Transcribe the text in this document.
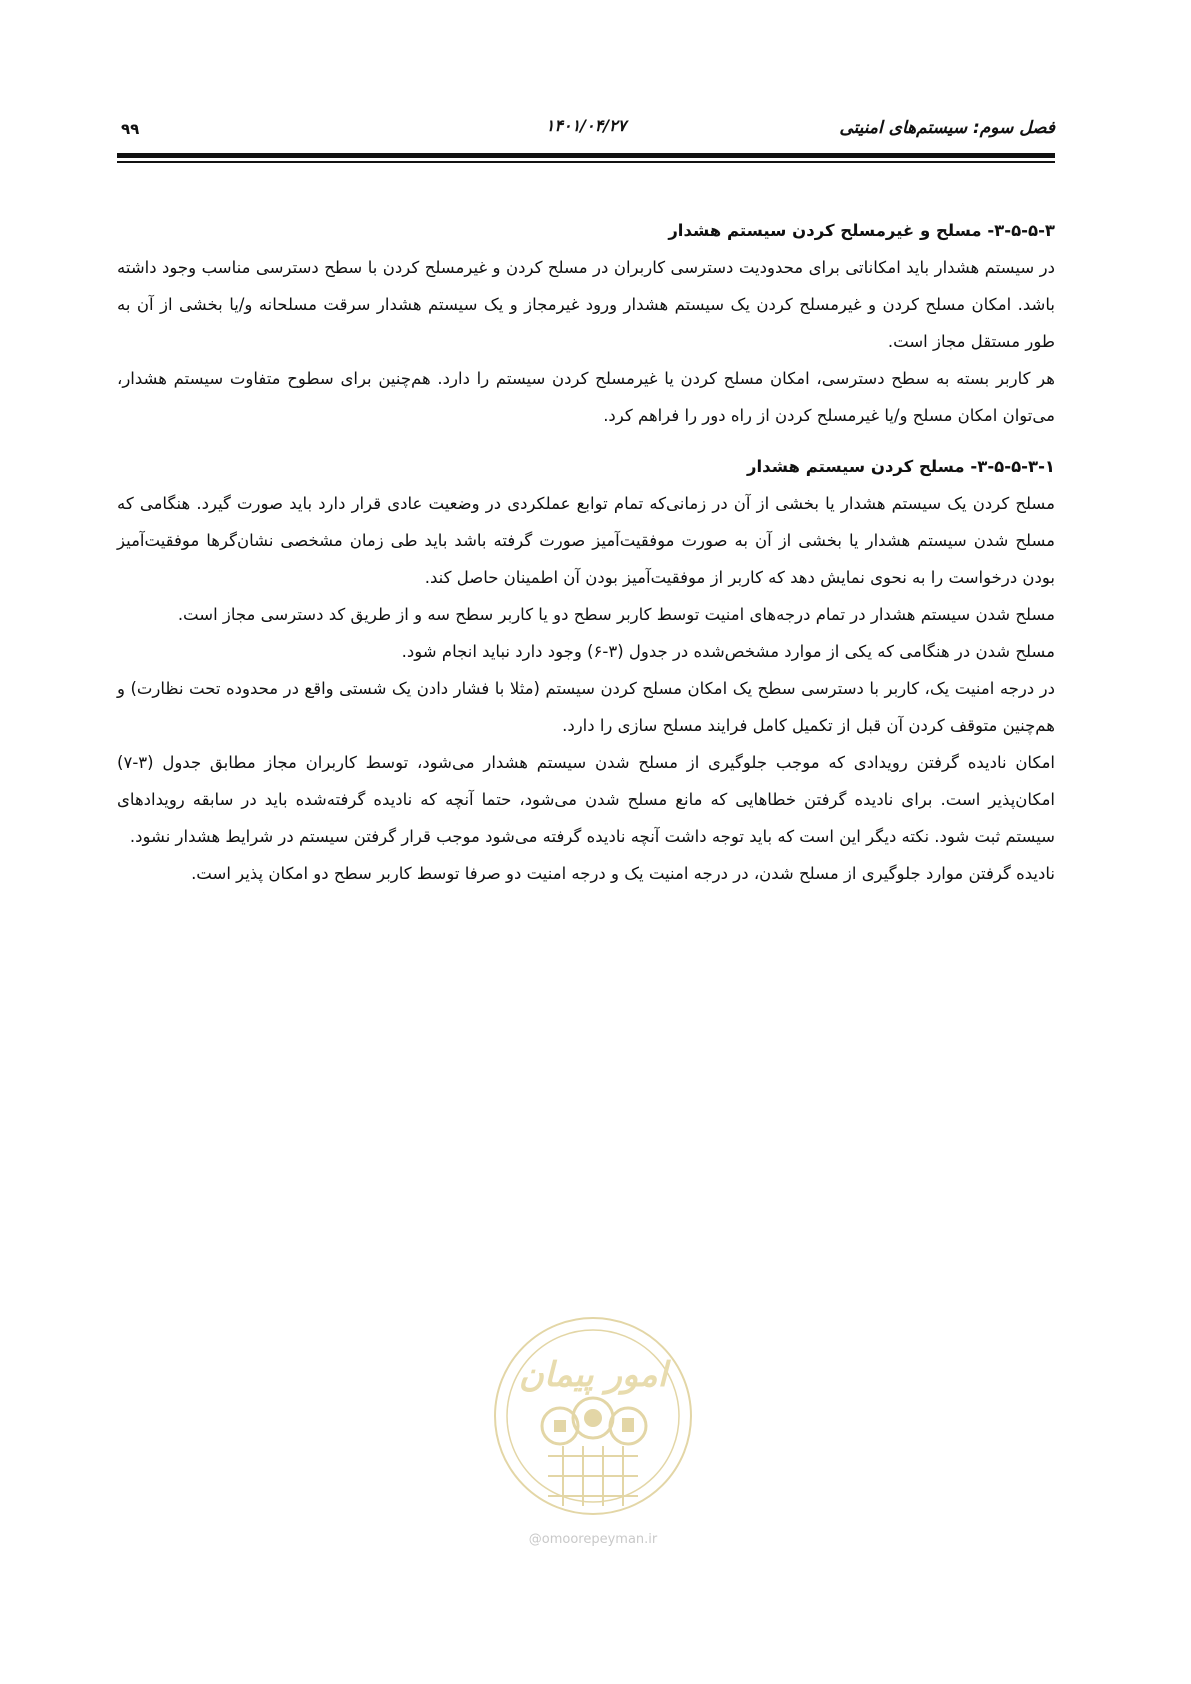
فصل سوم: سیستم‌های امنیتی
۱۴۰۱/۰۴/۲۷
۹۹

۳-۵-۵-۳- مسلح و غیرمسلح کردن سیستم هشدار

در سیستم هشدار باید امکاناتی برای محدودیت دسترسی کاربران در مسلح کردن و غیرمسلح کردن با سطح دسترسی مناسب وجود داشته باشد. امکان مسلح کردن و غیرمسلح کردن یک سیستم هشدار ورود غیرمجاز و یک سیستم هشدار سرقت مسلحانه و/یا بخشی از آن به طور مستقل مجاز است.

هر کاربر بسته به سطح دسترسی، امکان مسلح کردن یا غیرمسلح کردن سیستم را دارد. هم‌چنین برای سطوح متفاوت سیستم هشدار، می‌توان امکان مسلح و/یا غیرمسلح کردن از راه دور را فراهم کرد.

۳-۵-۵-۳-۱- مسلح کردن سیستم هشدار

مسلح کردن یک سیستم هشدار یا بخشی از آن در زمانی‌که تمام توابع عملکردی در وضعیت عادی قرار دارد باید صورت گیرد. هنگامی که مسلح شدن سیستم هشدار یا بخشی از آن به صورت موفقیت‌آمیز صورت گرفته باشد باید طی زمان مشخصی نشان‌گرها موفقیت‌آمیز بودن درخواست را به نحوی نمایش دهد که کاربر از موفقیت‌آمیز بودن آن اطمینان حاصل کند.

مسلح شدن سیستم هشدار در تمام درجه‌های امنیت توسط کاربر سطح دو یا کاربر سطح سه و از طریق کد دسترسی مجاز است.

مسلح شدن در هنگامی که یکی از موارد مشخص‌شده در جدول (۳-۶) وجود دارد نباید انجام شود.

در درجه امنیت یک، کاربر با دسترسی سطح یک امکان مسلح کردن سیستم (مثلا با فشار دادن یک شستی واقع در محدوده تحت نظارت) و هم‌چنین متوقف کردن آن قبل از تکمیل کامل فرایند مسلح سازی را دارد.

امکان نادیده گرفتن رویدادی که موجب جلوگیری از مسلح شدن سیستم هشدار می‌شود، توسط کاربران مجاز مطابق جدول (۳-۷) امکان‌پذیر است. برای نادیده گرفتن خطاهایی که مانع مسلح شدن می‌شود، حتما آنچه که نادیده گرفته‌شده باید در سابقه رویدادهای سیستم ثبت شود. نکته دیگر این است که باید توجه داشت آنچه نادیده گرفته می‌شود موجب قرار گرفتن سیستم در شرایط هشدار نشود.

نادیده گرفتن موارد جلوگیری از مسلح شدن، در درجه امنیت یک و درجه امنیت دو صرفا توسط کاربر سطح دو امکان پذیر است.

امور پیمان
@omoorepeyman.ir
